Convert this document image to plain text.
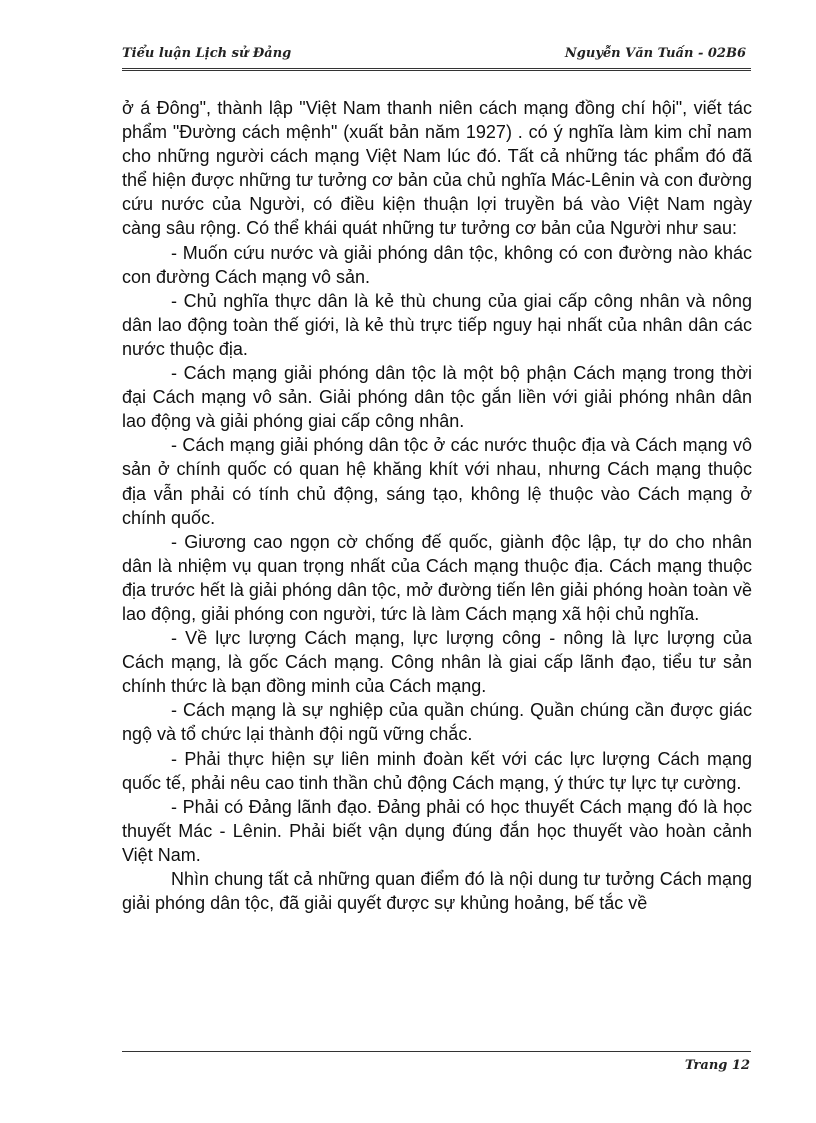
Tiểu luận Lịch sử Đảng	Nguyễn Văn Tuấn - 02B6

ở á Đông", thành lập "Việt Nam thanh niên cách mạng đồng chí hội", viết tác phẩm "Đường cách mệnh" (xuất bản năm 1927) . có ý nghĩa làm kim chỉ nam cho những người cách mạng Việt Nam lúc đó. Tất cả những tác phẩm đó đã thể hiện được những tư tưởng cơ bản của chủ nghĩa Mác-Lênin và con đường cứu nước của Người, có điều kiện thuận lợi truyền bá vào Việt Nam ngày càng sâu rộng. Có thể khái quát những tư tưởng cơ bản của Người như sau:

- Muốn cứu nước và giải phóng dân tộc, không có con đường nào khác con đường Cách mạng vô sản.

- Chủ nghĩa thực dân là kẻ thù chung của giai cấp công nhân và nông dân lao động toàn thế giới, là kẻ thù trực tiếp nguy hại nhất của nhân dân các nước thuộc địa.

- Cách mạng giải phóng dân tộc là một bộ phận Cách mạng trong thời đại Cách mạng vô sản. Giải phóng dân tộc gắn liền với giải phóng nhân dân lao động và giải phóng giai cấp công nhân.

- Cách mạng giải phóng dân tộc ở các nước thuộc địa và Cách mạng vô sản ở chính quốc có quan hệ khăng khít với nhau, nhưng Cách mạng thuộc địa vẫn phải có tính chủ động, sáng tạo, không lệ thuộc vào Cách mạng ở chính quốc.

- Giương cao ngọn cờ chống đế quốc, giành độc lập, tự do cho nhân dân là nhiệm vụ quan trọng nhất của Cách mạng thuộc địa. Cách mạng thuộc địa trước hết là giải phóng dân tộc, mở đường tiến lên giải phóng hoàn toàn về lao động, giải phóng con người, tức là làm Cách mạng xã hội chủ nghĩa.

- Về lực lượng Cách mạng, lực lượng công - nông là lực lượng của Cách mạng, là gốc Cách mạng. Công nhân là giai cấp lãnh đạo, tiểu tư sản chính thức là bạn đồng minh của Cách mạng.

- Cách mạng là sự nghiệp của quần chúng. Quần chúng cần được giác ngộ và tổ chức lại thành đội ngũ vững chắc.

- Phải thực hiện sự liên minh đoàn kết với các lực lượng Cách mạng quốc tế, phải nêu cao tinh thần chủ động Cách mạng, ý thức tự lực tự cường.

- Phải có Đảng lãnh đạo. Đảng phải có học thuyết Cách mạng đó là học thuyết Mác - Lênin. Phải biết vận dụng đúng đắn học thuyết vào hoàn cảnh Việt Nam.

Nhìn chung tất cả những quan điểm đó là nội dung tư tưởng Cách mạng giải phóng dân tộc, đã giải quyết được sự khủng hoảng, bế tắc về

Trang 12
